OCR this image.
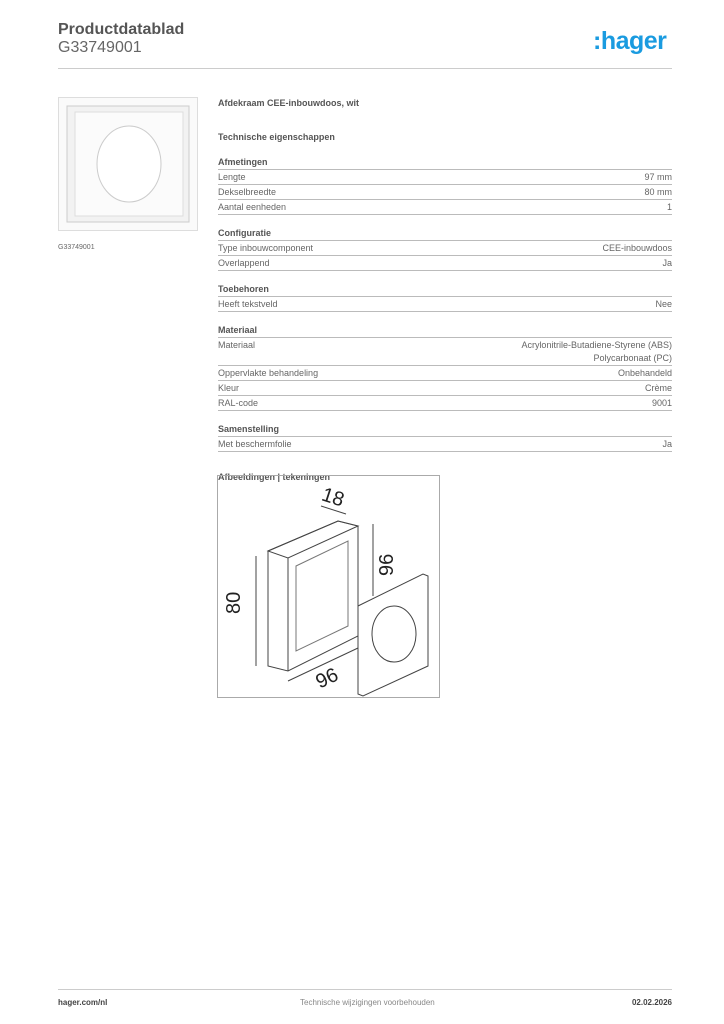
Productdatablad
G33749001	:hager
G33749001
Afdekraam CEE-inbouwdoos, wit
Technische eigenschappen
Afmetingen
Lengte	97 mm
Dekselbreedte	80 mm
Aantal eenheden	1
Configuratie
Type inbouwcomponent	CEE-inbouwdoos
Overlappend	Ja
Toebehoren
Heeft tekstveld	Nee
Materiaal
Materiaal	Acrylonitrile-Butadiene-Styrene (ABS)
Polycarbonaat (PC)
Oppervlakte behandeling	Onbehandeld
Kleur	Crème
RAL-code	9001
Samenstelling
Met beschermfolie	Ja
Afbeeldingen | tekeningen
80
96
96
18
hager.com/nl	Technische wijzigingen voorbehouden	02.02.2026
